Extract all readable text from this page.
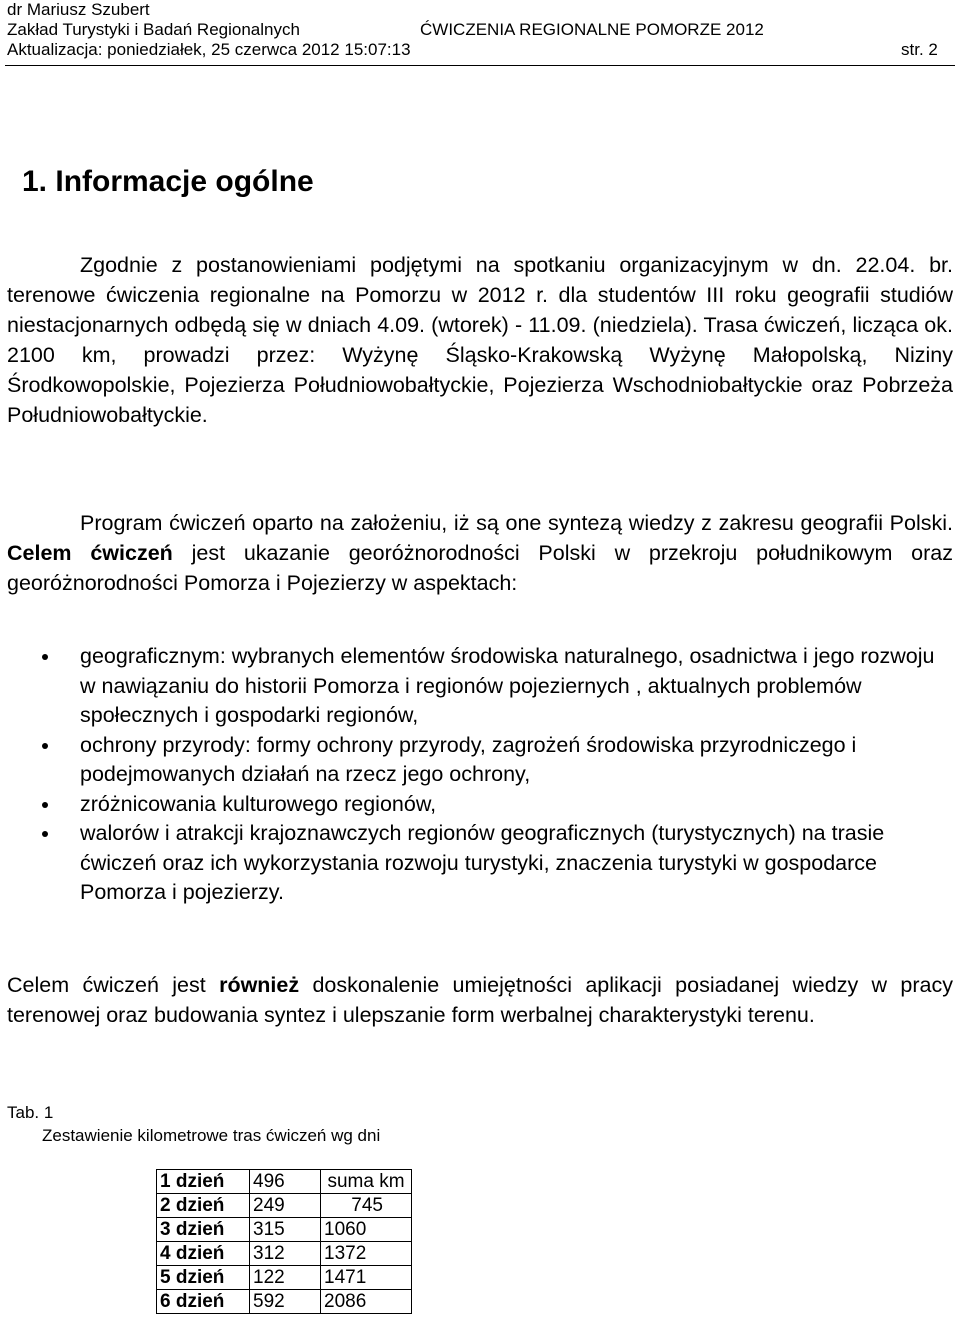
dr Mariusz Szubert
Zakład Turystyki i Badań Regionalnych	ĆWICZENIA REGIONALNE POMORZE 2012
Aktualizacja: poniedziałek, 25 czerwca 2012 15:07:13	str. 2
1. Informacje ogólne
Zgodnie z postanowieniami podjętymi na spotkaniu organizacyjnym w dn. 22.04. br. terenowe ćwiczenia regionalne na Pomorzu w 2012 r. dla studentów III roku geografii studiów niestacjonarnych odbędą się w dniach 4.09. (wtorek) - 11.09. (niedziela). Trasa ćwiczeń, licząca ok. 2100 km, prowadzi przez: Wyżynę Śląsko-Krakowską Wyżynę Małopolską, Niziny Środkowopolskie, Pojezierza Południowobałtyckie, Pojezierza Wschodniobałtyckie oraz Pobrzeża Południowobałtyckie.
Program ćwiczeń oparto na założeniu, iż są one syntezą wiedzy z zakresu geografii Polski. Celem ćwiczeń jest ukazanie georóżnorodności Polski w przekroju południkowym oraz georóżnorodności Pomorza i Pojezierzy w aspektach:
geograficznym: wybranych elementów środowiska naturalnego, osadnictwa i jego rozwoju w nawiązaniu do historii Pomorza i regionów pojeziernych , aktualnych problemów społecznych i gospodarki regionów,
ochrony przyrody: formy ochrony przyrody, zagrożeń środowiska przyrodniczego i podejmowanych działań na rzecz jego ochrony,
zróżnicowania kulturowego regionów,
walorów i atrakcji krajoznawczych regionów geograficznych (turystycznych) na trasie ćwiczeń oraz ich wykorzystania rozwoju turystyki, znaczenia turystyki w gospodarce Pomorza i pojezierzy.
Celem ćwiczeń jest również doskonalenie umiejętności aplikacji posiadanej wiedzy w pracy terenowej oraz budowania syntez i ulepszanie form werbalnej charakterystyki terenu.
Tab. 1
Zestawienie kilometrowe tras ćwiczeń wg dni
1 dzień	496	suma km
2 dzień	249	745
3 dzień	315	1060
4 dzień	312	1372
5 dzień	122	1471
6 dzień	592	2086
